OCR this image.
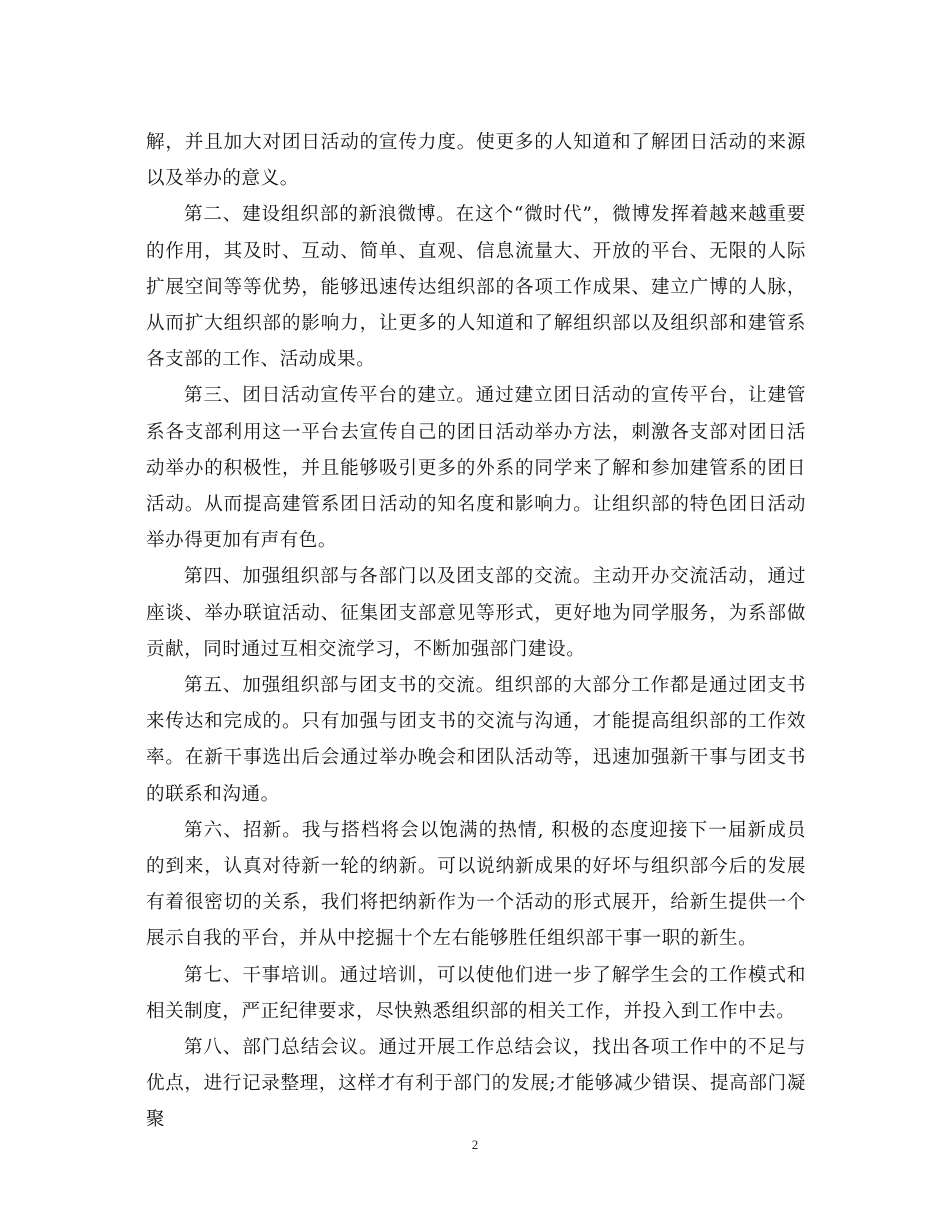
解，并且加大对团日活动的宣传力度。使更多的人知道和了解团日活动的来源以及举办的意义。

第二、建设组织部的新浪微博。在这个“微时代”，微博发挥着越来越重要的作用，其及时、互动、简单、直观、信息流量大、开放的平台、无限的人际扩展空间等等优势，能够迅速传达组织部的各项工作成果、建立广博的人脉，从而扩大组织部的影响力，让更多的人知道和了解组织部以及组织部和建管系各支部的工作、活动成果。

第三、团日活动宣传平台的建立。通过建立团日活动的宣传平台，让建管系各支部利用这一平台去宣传自己的团日活动举办方法，刺激各支部对团日活动举办的积极性，并且能够吸引更多的外系的同学来了解和参加建管系的团日活动。从而提高建管系团日活动的知名度和影响力。让组织部的特色团日活动举办得更加有声有色。

第四、加强组织部与各部门以及团支部的交流。主动开办交流活动，通过座谈、举办联谊活动、征集团支部意见等形式，更好地为同学服务，为系部做贡献，同时通过互相交流学习，不断加强部门建设。

第五、加强组织部与团支书的交流。组织部的大部分工作都是通过团支书来传达和完成的。只有加强与团支书的交流与沟通，才能提高组织部的工作效率。在新干事选出后会通过举办晚会和团队活动等，迅速加强新干事与团支书的联系和沟通。

第六、招新。我与搭档将会以饱满的热情, 积极的态度迎接下一届新成员的到来，认真对待新一轮的纳新。可以说纳新成果的好坏与组织部今后的发展有着很密切的关系，我们将把纳新作为一个活动的形式展开，给新生提供一个展示自我的平台，并从中挖掘十个左右能够胜任组织部干事一职的新生。

第七、干事培训。通过培训，可以使他们进一步了解学生会的工作模式和相关制度，严正纪律要求，尽快熟悉组织部的相关工作，并投入到工作中去。

第八、部门总结会议。通过开展工作总结会议，找出各项工作中的不足与优点，进行记录整理，这样才有利于部门的发展;才能够减少错误、提高部门凝聚

2
